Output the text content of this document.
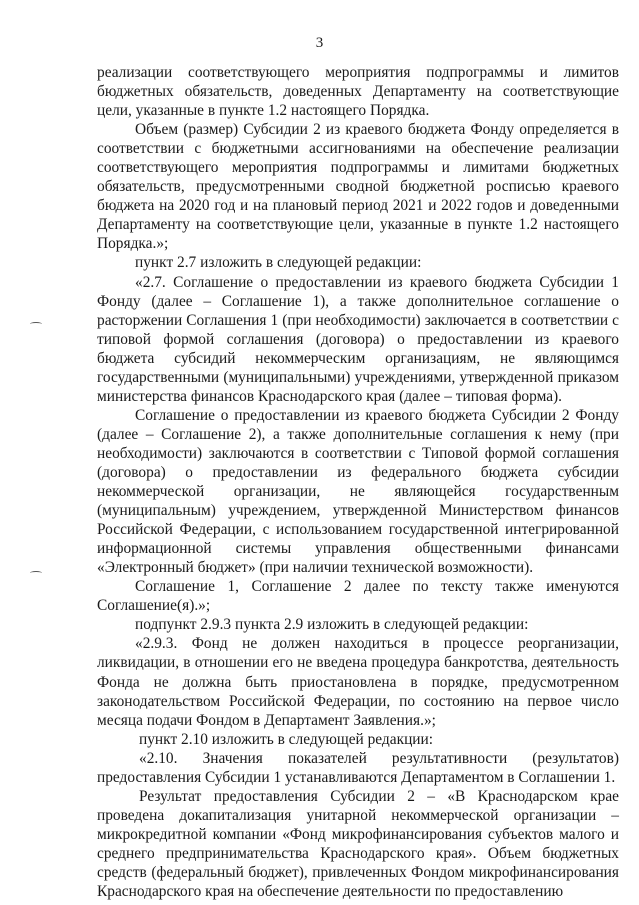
3

реализации соответствующего мероприятия подпрограммы и лимитов бюджетных обязательств, доведенных Департаменту на соответствующие цели, указанные в пункте 1.2 настоящего Порядка.

Объем (размер) Субсидии 2 из краевого бюджета Фонду определяется в соответствии с бюджетными ассигнованиями на обеспечение реализации соответствующего мероприятия подпрограммы и лимитами бюджетных обязательств, предусмотренными сводной бюджетной росписью краевого бюджета на 2020 год и на плановый период 2021 и 2022 годов и доведенными Департаменту на соответствующие цели, указанные в пункте 1.2 настоящего Порядка.»;

пункт 2.7 изложить в следующей редакции:

«2.7. Соглашение о предоставлении из краевого бюджета Субсидии 1 Фонду (далее – Соглашение 1), а также дополнительное соглашение о расторжении Соглашения 1 (при необходимости) заключается в соответствии с типовой формой соглашения (договора) о предоставлении из краевого бюджета субсидий некоммерческим организациям, не являющимся государственными (муниципальными) учреждениями, утвержденной приказом министерства финансов Краснодарского края (далее – типовая форма).

Соглашение о предоставлении из краевого бюджета Субсидии 2 Фонду (далее – Соглашение 2), а также дополнительные соглашения к нему (при необходимости) заключаются в соответствии с Типовой формой соглашения (договора) о предоставлении из федерального бюджета субсидии некоммерческой организации, не являющейся государственным (муниципальным) учреждением, утвержденной Министерством финансов Российской Федерации, с использованием государственной интегрированной информационной системы управления общественными финансами «Электронный бюджет» (при наличии технической возможности).

Соглашение 1, Соглашение 2 далее по тексту также именуются Соглашение(я).»;

подпункт 2.9.3 пункта 2.9 изложить в следующей редакции:

«2.9.3. Фонд не должен находиться в процессе реорганизации, ликвидации, в отношении его не введена процедура банкротства, деятельность Фонда не должна быть приостановлена в порядке, предусмотренном законодательством Российской Федерации, по состоянию на первое число месяца подачи Фондом в Департамент Заявления.»;

пункт 2.10 изложить в следующей редакции:

«2.10. Значения показателей результативности (результатов) предоставления Субсидии 1 устанавливаются Департаментом в Соглашении 1.

Результат предоставления Субсидии 2 – «В Краснодарском крае проведена докапитализация унитарной некоммерческой организации – микрокредитной компании «Фонд микрофинансирования субъектов малого и среднего предпринимательства Краснодарского края». Объем бюджетных средств (федеральный бюджет), привлеченных Фондом микрофинансирования Краснодарского края на обеспечение деятельности по предоставлению
